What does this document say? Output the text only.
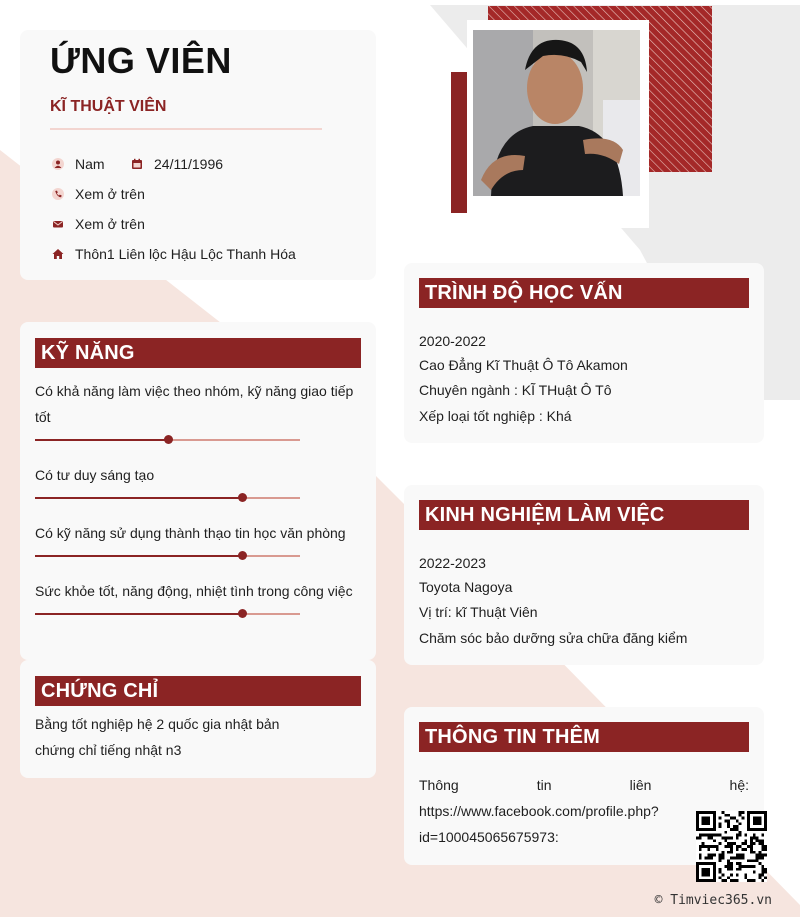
ỨNG VIÊN
KĨ THUẬT VIÊN
Nam	24/11/1996
Xem ở trên
Xem ở trên
Thôn1 Liên lộc Hậu Lộc Thanh Hóa
KỸ NĂNG
Có khả năng làm việc theo nhóm, kỹ năng giao tiếp tốt
Có tư duy sáng tạo
Có kỹ năng sử dụng thành thạo tin học văn phòng
Sức khỏe tốt, năng động, nhiệt tình trong công việc
CHỨNG CHỈ
Bằng tốt nghiệp hệ 2 quốc gia nhật bản
chứng chỉ tiếng nhật n3
TRÌNH ĐỘ HỌC VẤN
2020-2022
Cao Đẳng Kĩ Thuật Ô Tô Akamon
Chuyên ngành : KĨ THuật Ô Tô
Xếp loại tốt nghiệp : Khá
KINH NGHIỆM LÀM VIỆC
2022-2023
Toyota Nagoya
Vị trí: kĩ Thuật Viên
Chăm sóc bảo dưỡng sửa chữa đăng kiểm
THÔNG TIN THÊM
Thông	tin	liên	hệ:
https://www.facebook.com/profile.php?
id=100045065675973:
© Timviec365.vn
